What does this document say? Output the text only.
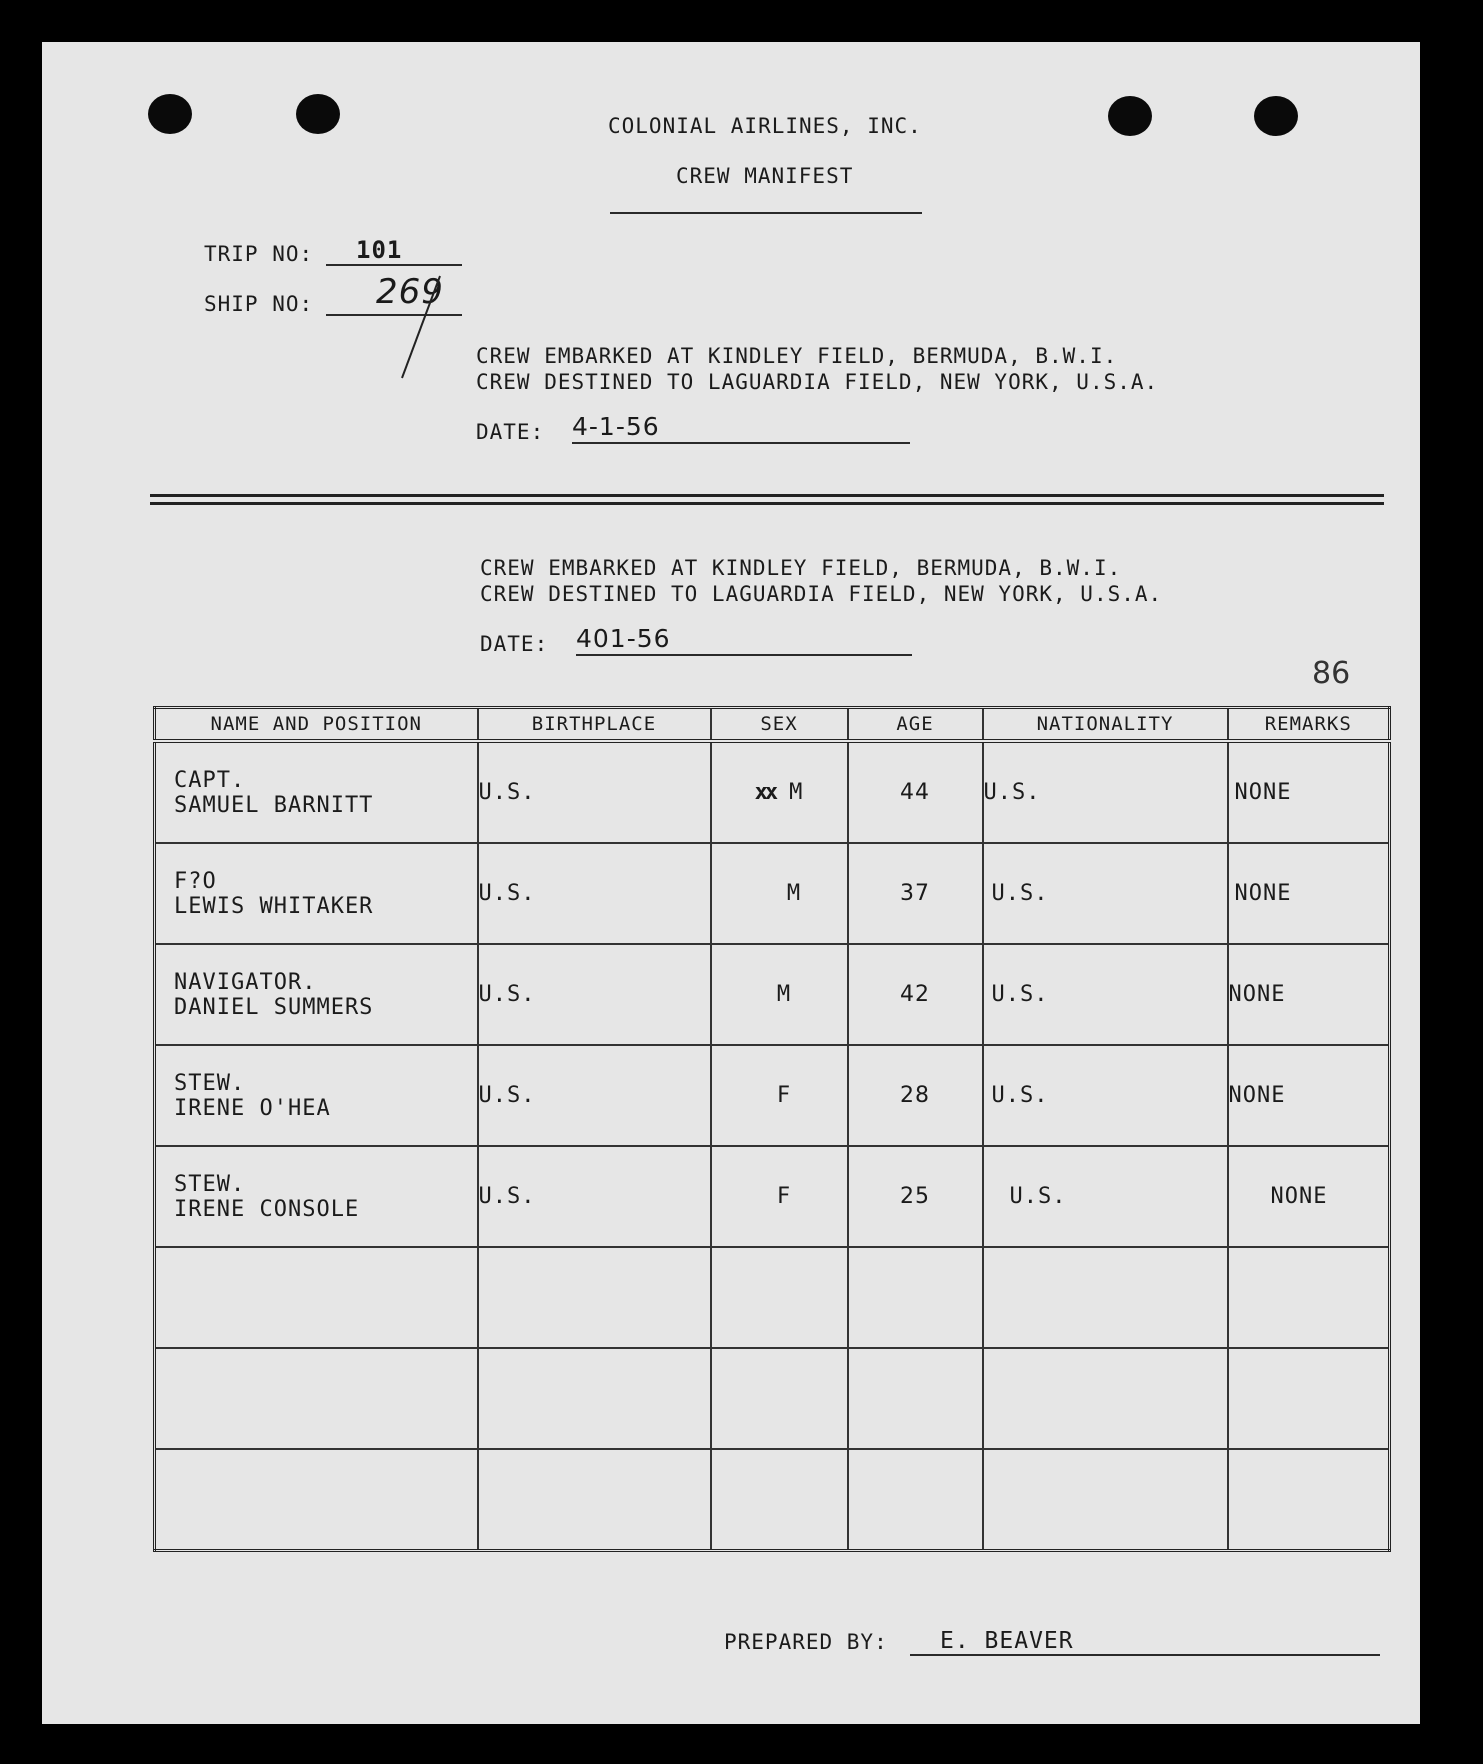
COLONIAL AIRLINES, INC.
CREW MANIFEST
TRIP NO: 101
SHIP NO: 269
CREW EMBARKED AT KINDLEY FIELD, BERMUDA, B.W.I.
CREW DESTINED TO LAGUARDIA FIELD, NEW YORK, U.S.A.
DATE: 4-1-56
CREW EMBARKED AT KINDLEY FIELD, BERMUDA, B.W.I.
CREW DESTINED TO LAGUARDIA FIELD, NEW YORK, U.S.A.
DATE: 401-56
86
PREPARED BY: E. BEAVER
NAME AND POSITION	BIRTHPLACE	SEX	AGE	NATIONALITY	REMARKS

CAPT.
SAMUEL BARNITT	U.S.	xx M	44	U.S.	NONE

F?O
LEWIS WHITAKER	U.S.	M	37	U.S.	NONE

NAVIGATOR.
DANIEL SUMMERS	U.S.	M	42	U.S.	NONE

STEW.
IRENE O'HEA	U.S.	F	28	U.S.	NONE

STEW.
IRENE CONSOLE	U.S.	F	25	U.S.	NONE
